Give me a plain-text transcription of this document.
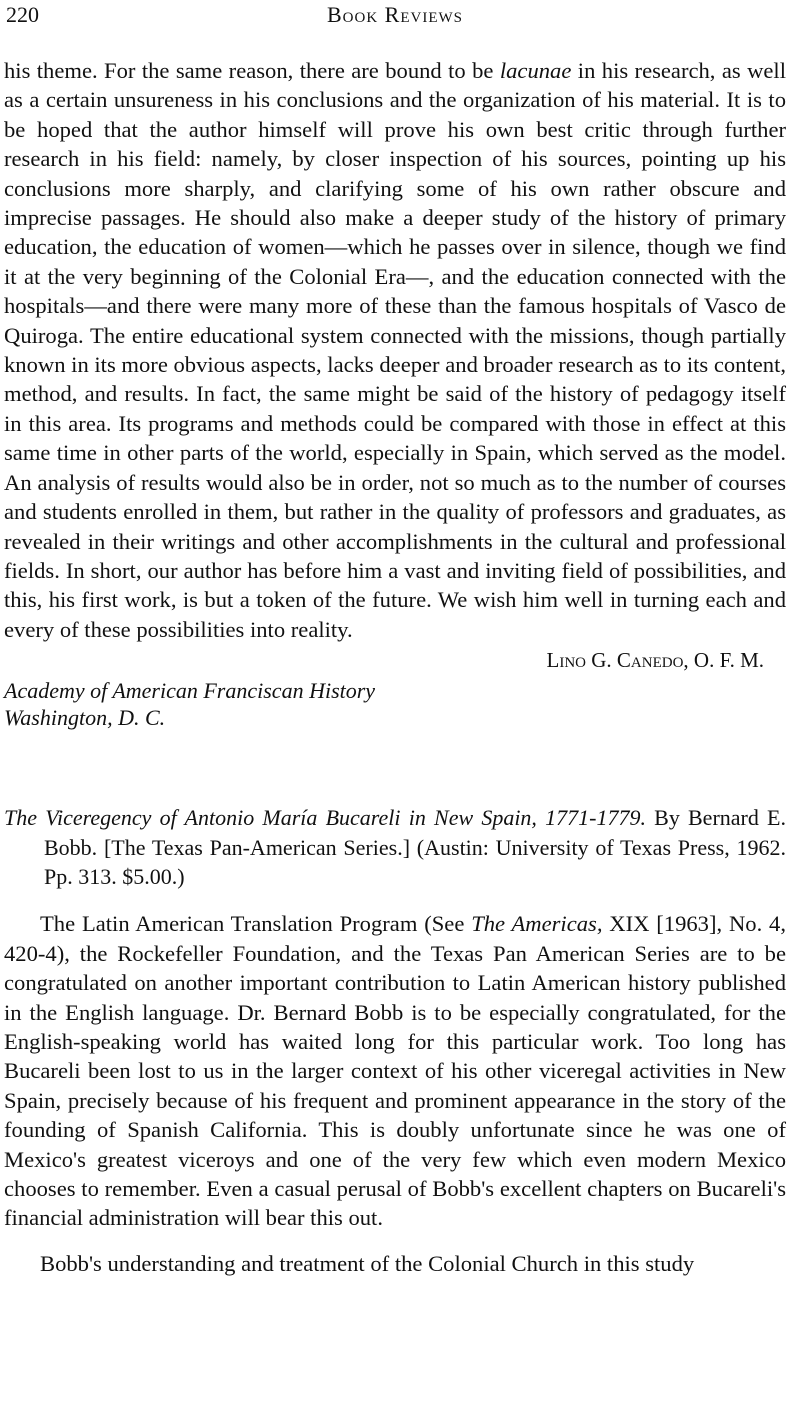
220	Book Reviews

his theme. For the same reason, there are bound to be lacunae in his research, as well as a certain unsureness in his conclusions and the organization of his material. It is to be hoped that the author himself will prove his own best critic through further research in his field: namely, by closer inspection of his sources, pointing up his conclusions more sharply, and clarifying some of his own rather obscure and imprecise passages. He should also make a deeper study of the history of primary education, the education of women—which he passes over in silence, though we find it at the very beginning of the Colonial Era—, and the education connected with the hospitals—and there were many more of these than the famous hospitals of Vasco de Quiroga. The entire educational system connected with the missions, though partially known in its more obvious aspects, lacks deeper and broader research as to its content, method, and results. In fact, the same might be said of the history of pedagogy itself in this area. Its programs and methods could be compared with those in effect at this same time in other parts of the world, especially in Spain, which served as the model. An analysis of results would also be in order, not so much as to the number of courses and students enrolled in them, but rather in the quality of professors and graduates, as revealed in their writings and other accomplishments in the cultural and professional fields. In short, our author has before him a vast and inviting field of possibilities, and this, his first work, is but a token of the future. We wish him well in turning each and every of these possibilities into reality.

Lino G. Canedo, O. F. M.
Academy of American Franciscan History
Washington, D. C.
The Viceregency of Antonio María Bucareli in New Spain, 1771-1779. By Bernard E. Bobb. [The Texas Pan-American Series.] (Austin: University of Texas Press, 1962. Pp. 313. $5.00.)

The Latin American Translation Program (See The Americas, XIX [1963], No. 4, 420-4), the Rockefeller Foundation, and the Texas Pan American Series are to be congratulated on another important contribution to Latin American history published in the English language. Dr. Bernard Bobb is to be especially congratulated, for the English-speaking world has waited long for this particular work. Too long has Bucareli been lost to us in the larger context of his other viceregal activities in New Spain, precisely because of his frequent and prominent appearance in the story of the founding of Spanish California. This is doubly unfortunate since he was one of Mexico's greatest viceroys and one of the very few which even modern Mexico chooses to remember. Even a casual perusal of Bobb's excellent chapters on Bucareli's financial administration will bear this out.

Bobb's understanding and treatment of the Colonial Church in this study
